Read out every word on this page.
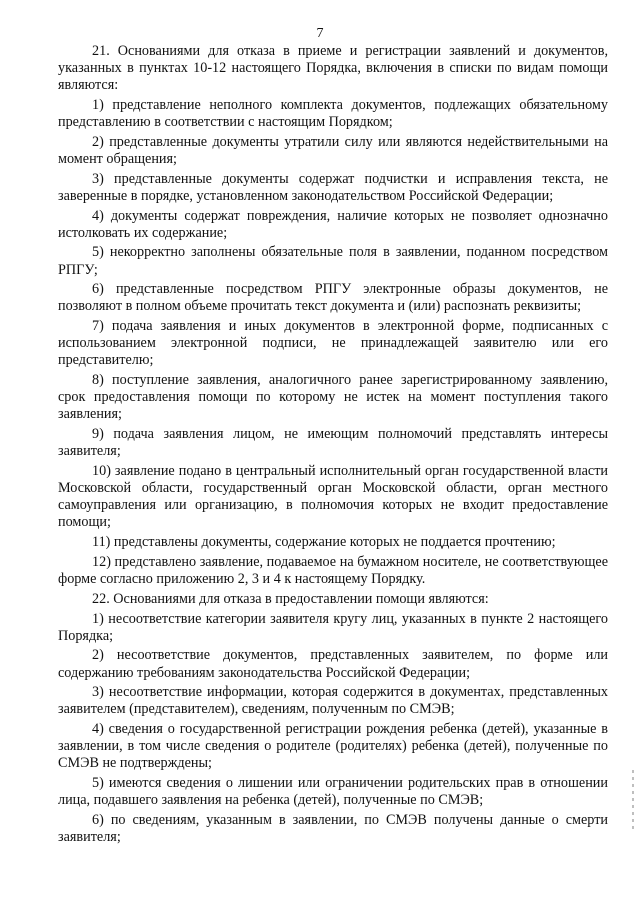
7

21. Основаниями для отказа в приеме и регистрации заявлений и документов, указанных в пунктах 10-12 настоящего Порядка, включения в списки по видам помощи являются:

1) представление неполного комплекта документов, подлежащих обязательному представлению в соответствии с настоящим Порядком;

2) представленные документы утратили силу или являются недействительными на момент обращения;

3) представленные документы содержат подчистки и исправления текста, не заверенные в порядке, установленном законодательством Российской Федерации;

4) документы содержат повреждения, наличие которых не позволяет однозначно истолковать их содержание;

5) некорректно заполнены обязательные поля в заявлении, поданном посредством РПГУ;

6) представленные посредством РПГУ электронные образы документов, не позволяют в полном объеме прочитать текст документа и (или) распознать реквизиты;

7) подача заявления и иных документов в электронной форме, подписанных с использованием электронной подписи, не принадлежащей заявителю или его представителю;

8) поступление заявления, аналогичного ранее зарегистрированному заявлению, срок предоставления помощи по которому не истек на момент поступления такого заявления;

9) подача заявления лицом, не имеющим полномочий представлять интересы заявителя;

10) заявление подано в центральный исполнительный орган государственной власти Московской области, государственный орган Московской области, орган местного самоуправления или организацию, в полномочия которых не входит предоставление помощи;

11) представлены документы, содержание которых не поддается прочтению;

12) представлено заявление, подаваемое на бумажном носителе, не соответствующее форме согласно приложению 2, 3 и 4 к настоящему Порядку.

22. Основаниями для отказа в предоставлении помощи являются:

1) несоответствие категории заявителя кругу лиц, указанных в пункте 2 настоящего Порядка;

2) несоответствие документов, представленных заявителем, по форме или содержанию требованиям законодательства Российской Федерации;

3) несоответствие информации, которая содержится в документах, представленных заявителем (представителем), сведениям, полученным по СМЭВ;

4) сведения о государственной регистрации рождения ребенка (детей), указанные в заявлении, в том числе сведения о родителе (родителях) ребенка (детей), полученные по СМЭВ не подтверждены;

5) имеются сведения о лишении или ограничении родительских прав в отношении лица, подавшего заявления на ребенка (детей), полученные по СМЭВ;

6) по сведениям, указанным в заявлении, по СМЭВ получены данные о смерти заявителя;
